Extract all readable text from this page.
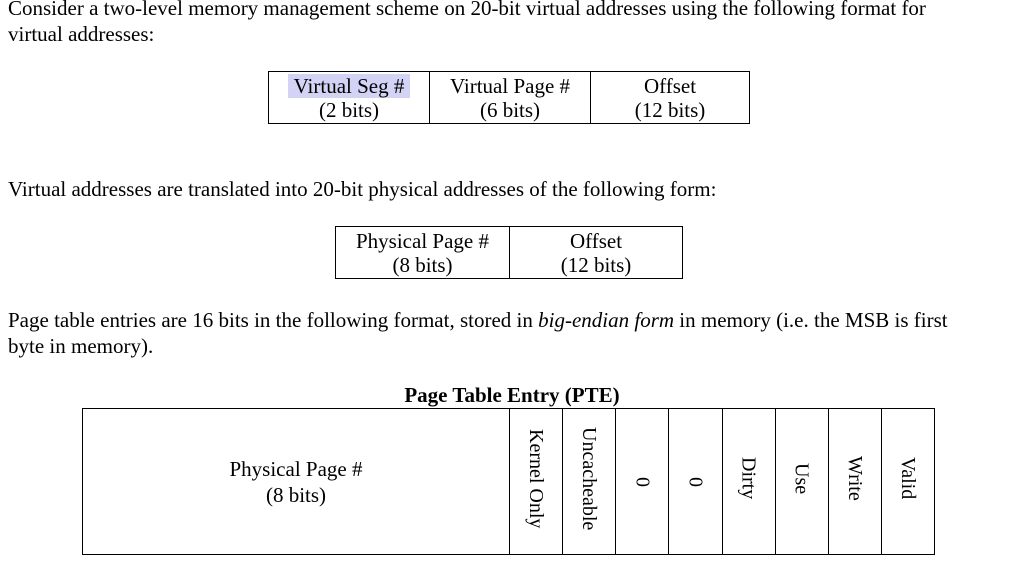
Consider a two-level memory management scheme on 20-bit virtual addresses using the following format for
virtual addresses:

Virtual Seg #
(2 bits)

Virtual Page #
(6 bits)

Offset
(12 bits)

Virtual addresses are translated into 20-bit physical addresses of the following form:

Physical Page #
(8 bits)

Offset
(12 bits)

Page table entries are 16 bits in the following format, stored in big-endian form in memory (i.e. the MSB is first
byte in memory).

Page Table Entry (PTE)
Physical Page #
(8 bits)	Kernel Only	Uncacheable	0	0	Dirty	Use	Write	Valid
